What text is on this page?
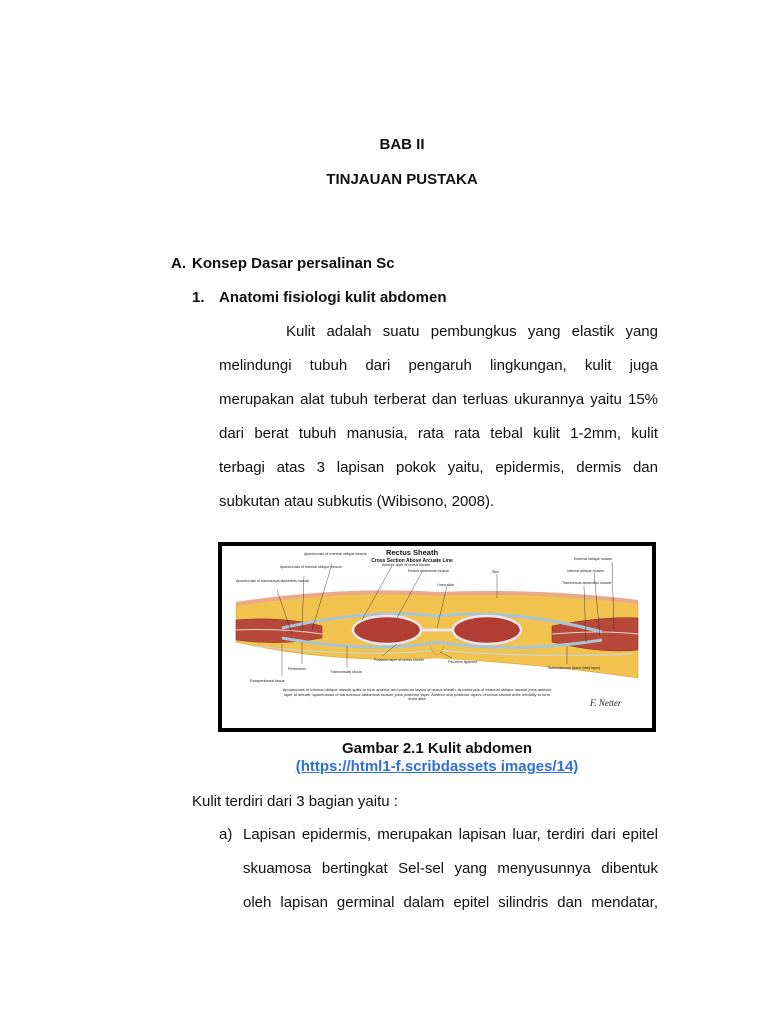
BAB II
TINJAUAN PUSTAKA
A. Konsep Dasar persalinan Sc
1. Anatomi fisiologi kulit abdomen
Kulit adalah suatu pembungkus yang elastik yang
melindungi tubuh dari pengaruh lingkungan, kulit juga
merupakan alat tubuh terberat dan terluas ukurannya yaitu 15%
dari berat tubuh manusia, rata rata tebal kulit 1-2mm, kulit
terbagi atas 3 lapisan pokok yaitu, epidermis, dermis dan
subkutan atau subkutis (Wibisono, 2008).
Rectus Sheath
Cross Section Above Arcuate Line
Aponeurosis of external oblique muscle
Aponeurosis of internal oblique muscle
Aponeurosis of transversus abdominis muscle
Anterior layer of rectus sheath
Rectus abdominis muscle
Linea alba
Skin
External oblique muscle
Internal oblique muscle
Transversus abdominis muscle
Peritoneum
Extraperitoneal fascia
Transversalis fascia
Posterior layer of rectus sheath	Falciform ligament
Subcutaneous tissue (fatty layer)
Aponeurosis of internal oblique muscle splits to form anterior and posterior layers of rectus sheath. Aponeurosis of external oblique muscle joins anterior layer of sheath; aponeurosis of transversus abdominis muscle joins posterior layer. Anterior and posterior layers of rectus sheath unite medially to form linea alba	F. Netter
Gambar 2.1 Kulit abdomen
(https://html1-f.scribdassets images/14)
Kulit terdiri dari 3 bagian yaitu :
a) Lapisan epidermis, merupakan lapisan luar, terdiri dari epitel
skuamosa bertingkat Sel-sel yang menyusunnya dibentuk
oleh lapisan germinal dalam epitel silindris dan mendatar,
